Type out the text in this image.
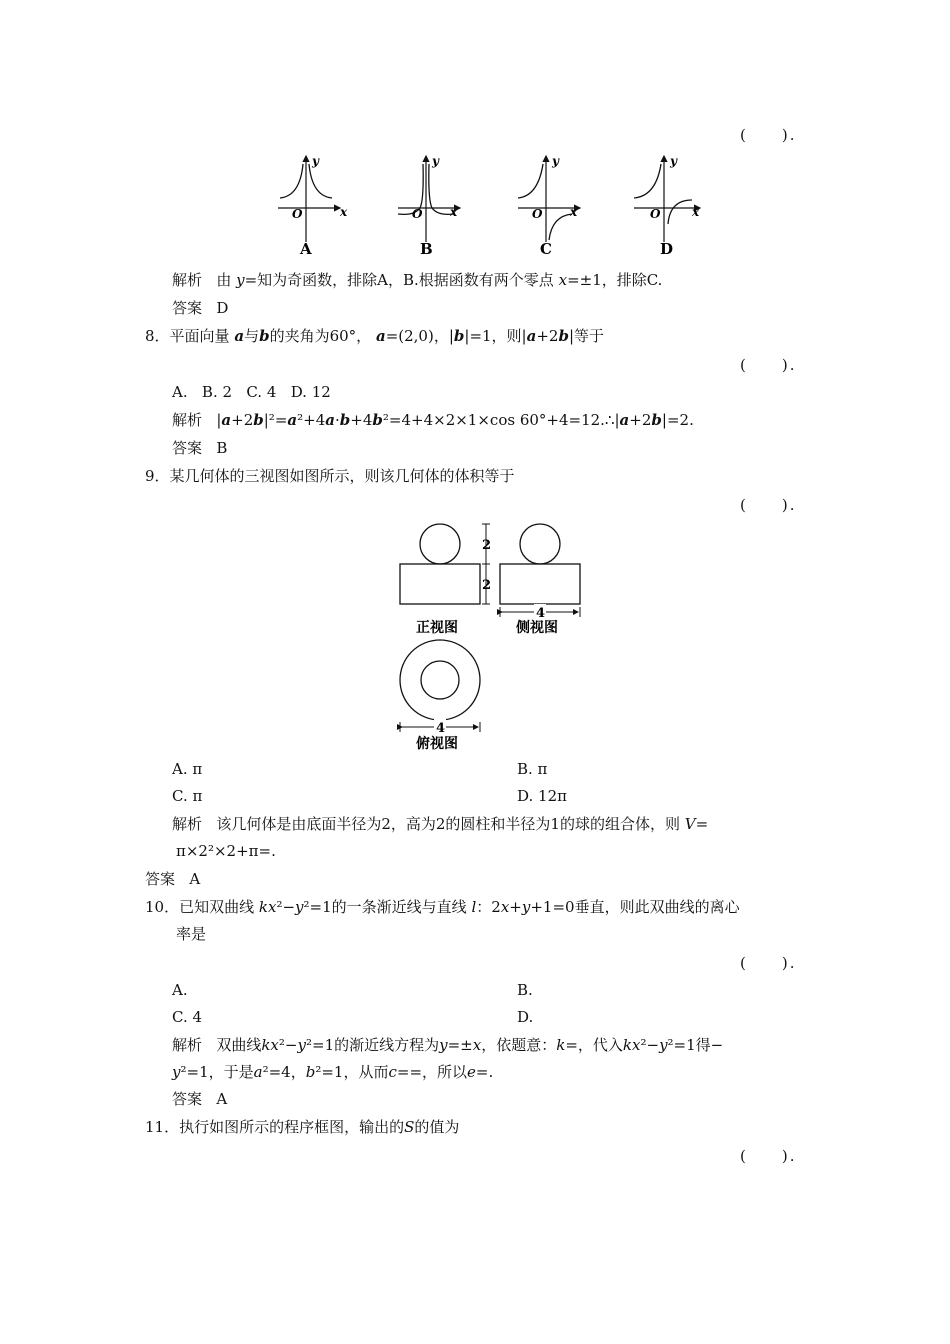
(　　).
y
x
O
A
y
x
O
B
y
x
O
C
y
x
O
D
解析 由 y=知为奇函数，排除A，B.根据函数有两个零点 x=±1，排除C.
答案 D
8．平面向量 a与b的夹角为60°， a=(2,0)，|b|=1，则|a+2b|等于
(　　).
A. B. 2 C. 4 D. 12
解析 |a+2b|²=a²+4a·b+4b²=4+4×2×1×cos 60°+4=12.∴|a+2b|=2.
答案 B
9．某几何体的三视图如图所示，则该几何体的体积等于
(　　).
2
2
4
正视图	侧视图
4
俯视图
A. π	B. π
C. π	D. 12π
解析 该几何体是由底面半径为2，高为2的圆柱和半径为1的球的组合体，则 V=
π×2²×2+π=.
答案 A
10．已知双曲线 kx²−y²=1的一条渐近线与直线 l：2x+y+1=0垂直，则此双曲线的离心
率是
(　　).
A.	B.
C. 4	D.
解析 双曲线kx²−y²=1的渐近线方程为y=±x，依题意：k=，代入kx²−y²=1得−
y²=1，于是a²=4，b²=1，从而c==，所以e=.
答案 A
11．执行如图所示的程序框图，输出的S的值为
(　　).
